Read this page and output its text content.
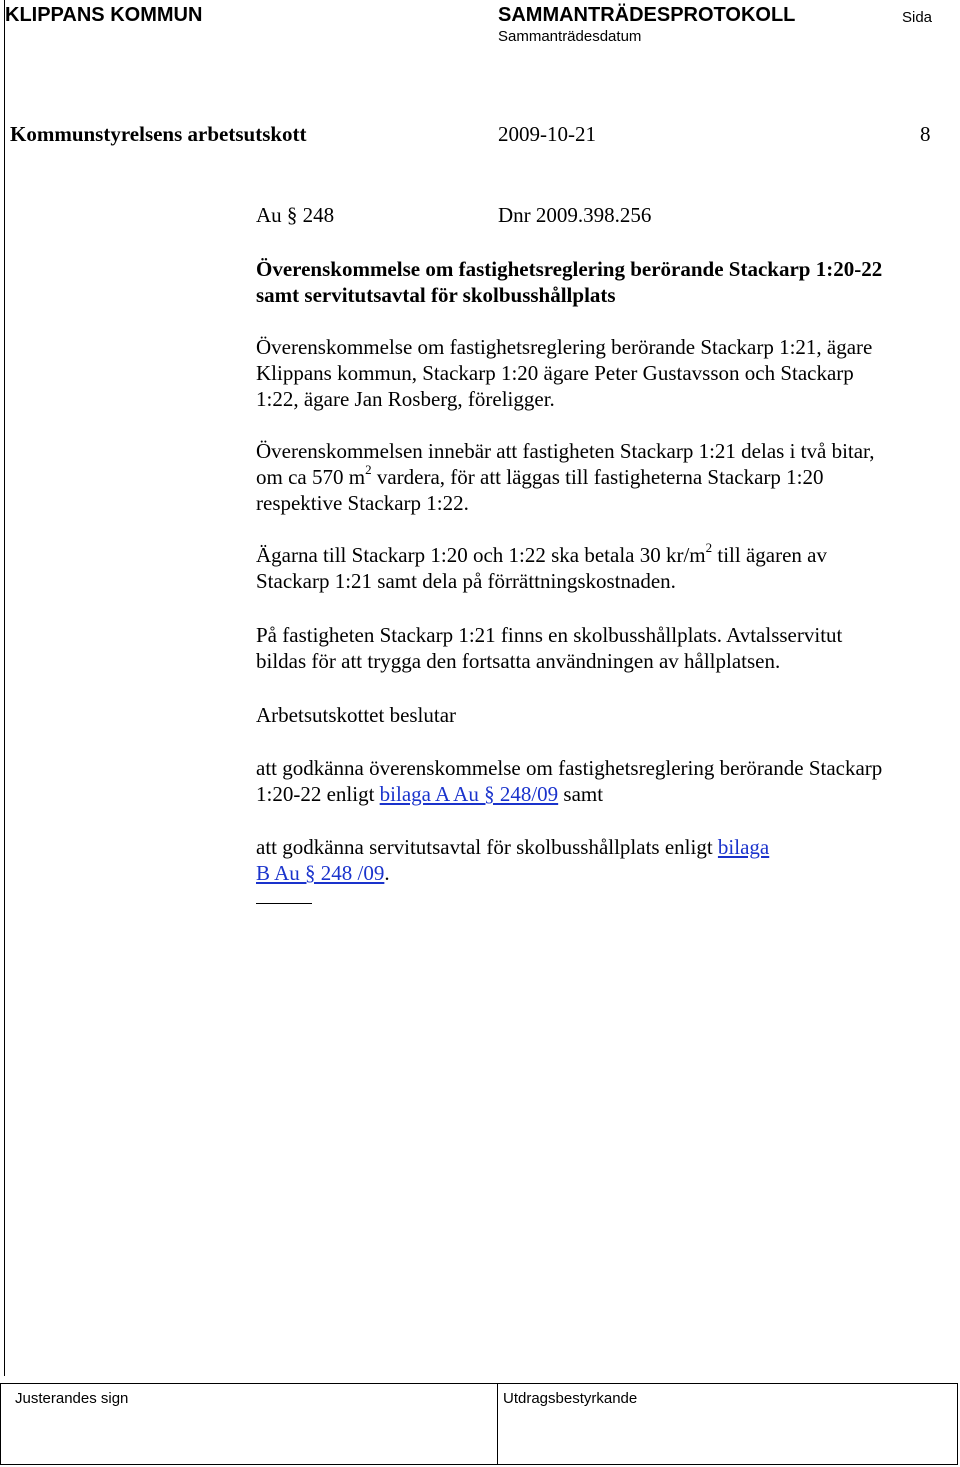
KLIPPANS KOMMUN	SAMMANTRÄDESPROTOKOLL	Sida
Sammanträdesdatum
Kommunstyrelsens arbetsutskott	2009-10-21	8
Au § 248	Dnr 2009.398.256

Överenskommelse om fastighetsreglering berörande Stackarp 1:20-22

samt servitutsavtal för skolbusshållplats

Överenskommelse om fastighetsreglering berörande Stackarp 1:21, ägare

Klippans kommun, Stackarp 1:20 ägare Peter Gustavsson och Stackarp

1:22, ägare Jan Rosberg, föreligger.

Överenskommelsen innebär att fastigheten Stackarp 1:21 delas i två bitar,

om ca 570 $m^2$ vardera, för att läggas till fastigheterna Stackarp 1:20

respektive Stackarp 1:22.

Ägarna till Stackarp 1:20 och 1:22 ska betala 30 $kr/m^2$ till ägaren av

Stackarp 1:21 samt dela på förrättningskostnaden.

På fastigheten Stackarp 1:21 finns en skolbusshållplats. Avtalsservitut

bildas för att trygga den fortsatta användningen av hållplatsen.

Arbetsutskottet beslutar

att godkänna överenskommelse om fastighetsreglering berörande Stackarp

1:20-22 enligt bilaga A Au § 248/09 samt

att godkänna servitutsavtal för skolbusshållplats enligt bilaga

B Au § 248 /09.

Justerandes sign	Utdragsbestyrkande
